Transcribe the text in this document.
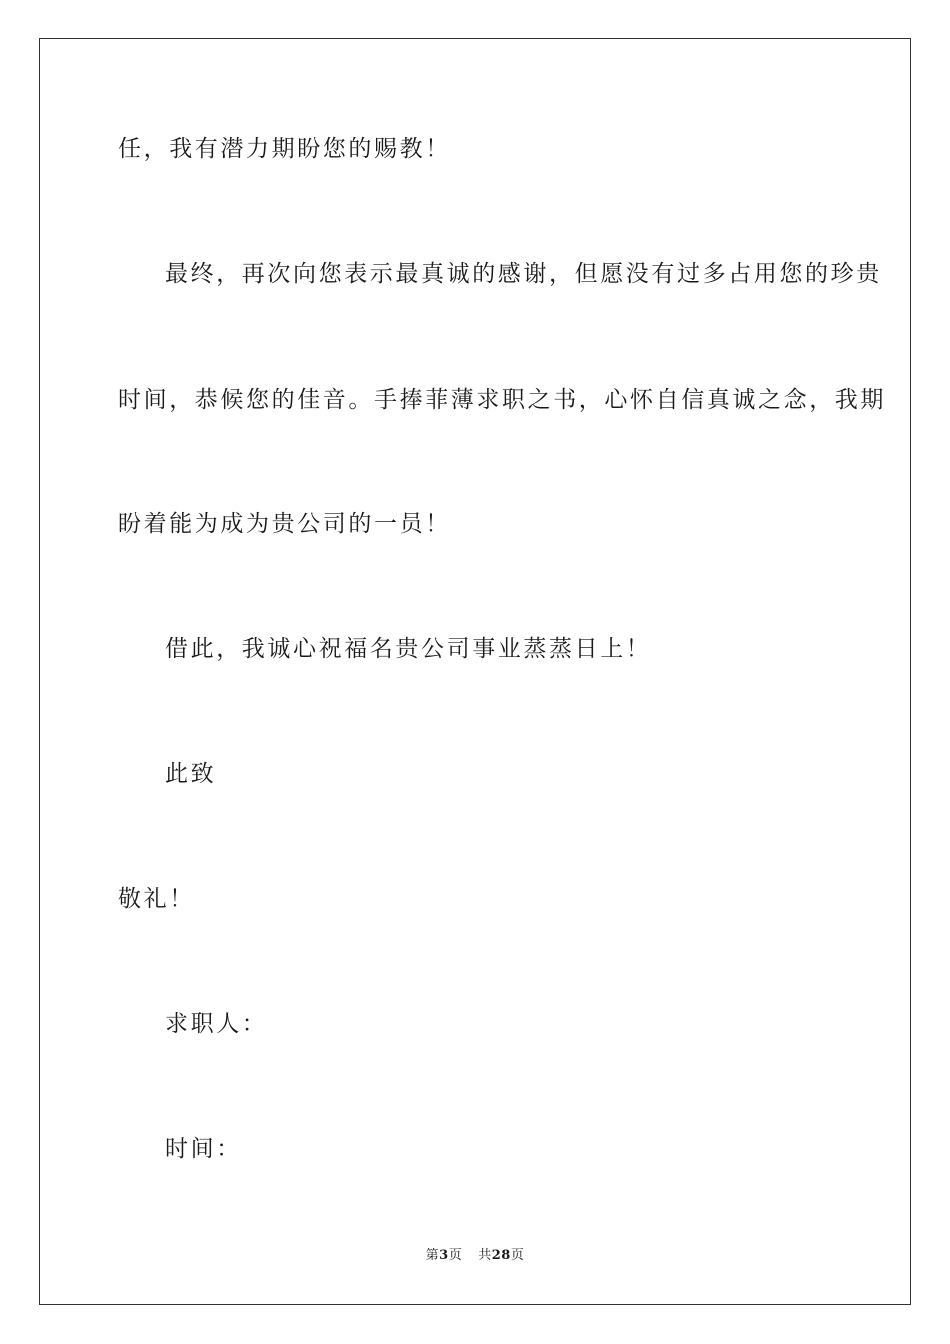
任，我有潜力期盼您的赐教！

最终，再次向您表示最真诚的感谢，但愿没有过多占用您的珍贵

时间，恭候您的佳音。手捧菲薄求职之书，心怀自信真诚之念，我期

盼着能为成为贵公司的一员！

借此，我诚心祝福名贵公司事业蒸蒸日上！

此致

敬礼！

求职人：

时间：

第3页 共28页
